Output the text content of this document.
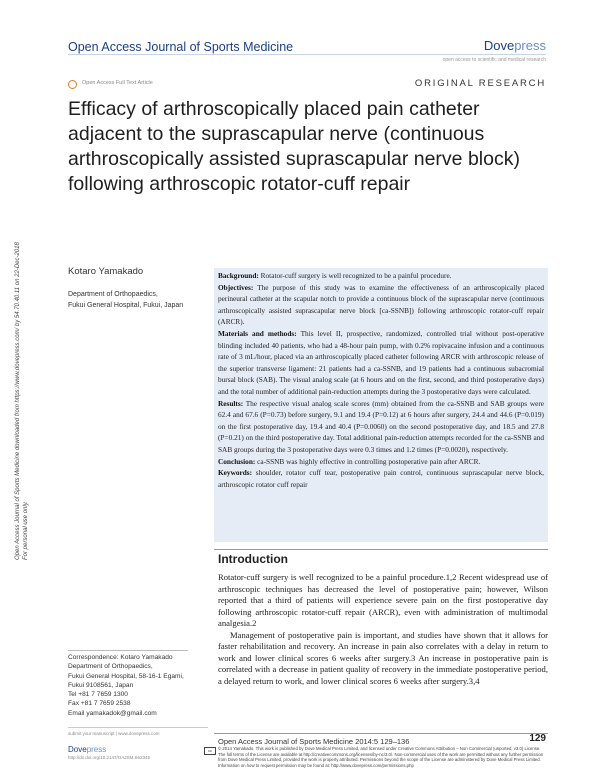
Open Access Journal of Sports Medicine	Dovepress
open access to scientific and medical research
Open Access Full Text Article	ORIGINAL RESEARCH
Efficacy of arthroscopically placed pain catheter adjacent to the suprascapular nerve (continuous arthroscopically assisted suprascapular nerve block) following arthroscopic rotator-cuff repair
Open Access Journal of Sports Medicine downloaded from https://www.dovepress.com/ by 54.70.40.11 on 22-Dec-2018 For personal use only.
Kotaro Yamakado
Department of Orthopaedics,
Fukui General Hospital, Fukui, Japan
Background: Rotator-cuff surgery is well recognized to be a painful procedure.
Objectives: The purpose of this study was to examine the effectiveness of an arthroscopically placed perineural catheter at the scapular notch to provide a continuous block of the suprascapular nerve (continuous arthroscopically assisted suprascapular nerve block [ca-SSNB]) following arthroscopic rotator-cuff repair (ARCR).
Materials and methods: This level II, prospective, randomized, controlled trial without post-operative blinding included 40 patients, who had a 48-hour pain pump, with 0.2% ropivacaine infusion and a continuous rate of 3 mL/hour, placed via an arthroscopically placed catheter following ARCR with arthroscopic release of the superior transverse ligament: 21 patients had a ca-SSNB, and 19 patients had a continuous subacromial bursal block (SAB). The visual analog scale (at 6 hours and on the first, second, and third postoperative days) and the total number of additional pain-reduction attempts during the 3 postoperative days were calculated.
Results: The respective visual analog scale scores (mm) obtained from the ca-SSNB and SAB groups were 62.4 and 67.6 (P=0.73) before surgery, 9.1 and 19.4 (P=0.12) at 6 hours after surgery, 24.4 and 44.6 (P=0.019) on the first postoperative day, 19.4 and 40.4 (P=0.0060) on the second postoperative day, and 18.5 and 27.8 (P=0.21) on the third postoperative day. Total additional pain-reduction attempts recorded for the ca-SSNB and SAB groups during the 3 postoperative days were 0.3 times and 1.2 times (P=0.0020), respectively.
Conclusion: ca-SSNB was highly effective in controlling postoperative pain after ARCR.
Keywords: shoulder, rotator cuff tear, postoperative pain control, continuous suprascapular nerve block, arthroscopic rotator cuff repair
Introduction

Rotator-cuff surgery is well recognized to be a painful procedure.1,2 Recent widespread use of arthroscopic techniques has decreased the level of postoperative pain; however, Wilson reported that a third of patients will experience severe pain on the first postoperative day following arthroscopic rotator-cuff repair (ARCR), even with administration of multimodal analgesia.2

Management of postoperative pain is important, and studies have shown that it allows for faster rehabilitation and recovery. An increase in pain also correlates with a delay in return to work and lower clinical scores 6 weeks after surgery.3 An increase in postoperative pain is correlated with a decrease in patient quality of recovery in the immediate postoperative period, a delayed return to work, and lower clinical scores 6 weeks after surgery.3,4

Correspondence: Kotaro Yamakado
Department of Orthopaedics,
Fukui General Hospital, 58-16-1 Egami,
Fukui 9108561, Japan
Tel +81 7 7659 1300
Fax +81 7 7659 2538
Email yamakadok@gmail.com
submit your manuscript | www.dovepress.com
Dovepress
http://dx.doi.org/10.2147/OAJSM.S62345
Open Access Journal of Sports Medicine 2014:5 129–136	129
cc	© 2014 Yamakado. This work is published by Dove Medical Press Limited, and licensed under Creative Commons Attribution – Non Commercial (unported, v3.0) License. The full terms of the License are available at http://creativecommons.org/licenses/by-nc/3.0/. Non-commercial uses of the work are permitted without any further permission from Dove Medical Press Limited, provided the work is properly attributed. Permissions beyond the scope of the License are administered by Dove Medical Press Limited. Information on how to request permission may be found at: http://www.dovepress.com/permissions.php
